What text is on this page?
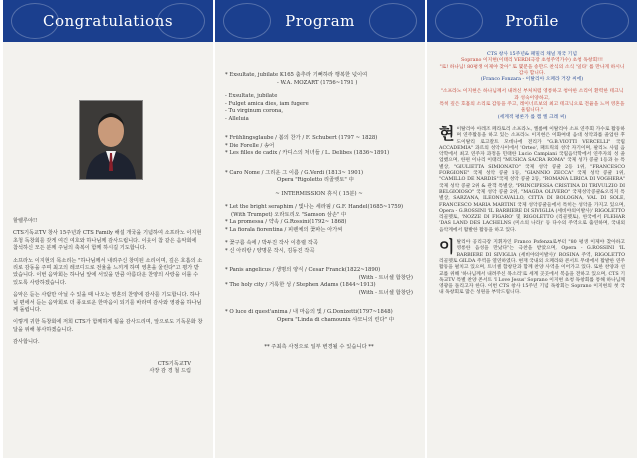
Congratulations

할렐루야!!

CTS기독교TV 창사 15주년과 CTS Family 해설 개국을 기념하여 소프라노 이지현 초청 독창회를 갖게 여긴 여호와 하나님께 감사드립니다. 이웃이 참 같은 음악회에 참석하신 모든 분께 주님의 축복이 함께 하시길 기도합니다.

소프라노 이지현의 목소리는 "하나님께서 내려주신 창미된 소리이며, 깊은 호흡의 소리로 감동을 주며 최고의 레코디드로 전율을 느끼게 하며 영혼을 울린다"고 평가 받았습니다. 이번 음악회는 하나님 앞에 서있을 만큼 아름다운 찬양의 사랑을 이룰 수 있도록 사랑하겠습니다.

음악은 듣는 사람만 아닐 수 있을 때 나오는 영혼의 찬양에 감사를 기도합니다. 하나님 편에서 듣는 음악회로 더 풍요로운 한마음이 되기를 바라며 감사와 영광을 하나님께 돌립니다.

이렇게 귀한 독창회에 저희 CTS가 함께하게 됨을 감사드리며, 앞으로도 기독문화 창달을 위해 봉사하겠습니다.

감사합니다.

CTS기독교TV
사장 감 경 철 드림
Program
* Exsultate, jubilate K165 춤추라 기뻐하라 행복한 넋이여
- W.A. MOZART (1756~1791 )
- Exsultate, jubilate
- Fulget amica dies, iam fugere
- Tu virginum corona,
- Alleluia
* Frühlingsglaube / 봄의 찬가 / F. Schubert (1797 ~ 1828)
* Die Forelle / 송어
* Les filles de cadix / 카디스의 처녀들 / L. Delibes (1836~1891)
* Caro Nome / 그리운 그 이름 / G.Verdi (1813~ 1901)
Opera "Rigoletto 리골렛토" 中
~ INTERMISSION 휴식 ( 15분) ~
* Let the bright seraphim / 빛나는 세라핌 / G.F. Handel(1685~1759)
(With Trumpet) 오라토리오 "Samson 삼손" 中
* La promessa / 약속 / G.Rossini(1792~ 1868)
* La fiorala fiorentina / 피렌체의 꽃파는 아가씨
* 꽃구름 속에 / 박두진 작사 이흥렬 작곡
* 신 아리랑 / 양명문 작시, 김동진 작곡
* Panis angelicus / 생명의 양식 / Cesar Franck(1822~1890)
(With - 트너셀 합창단)
* The holy city / 거룩한 성 / Stephen Adams (1844~1913)
(With - 트너셀 합창단)
* O luce di quest'anima / 내 마음의 빛 / G.Donizetti(1797~1848)
Opera "Linda di chamounix 샤모니의 린다" 中
** 주최측 사정으로 일부 변경될 수 있습니다 **
Profile
CTS 창사 15주년& 패밀리 채널 개국 기념
Soprano 이지현(이태리 VERDI극장 초청주역가수) 초청 독창회!!!
"로! 하나님! 80평생 이제야 찾아" 또 몇분을 송만드 찬식의 소식 '일타' 를 만나게 하시니 감사 합니다.
(Franco Fonzara - 이탈리아 오페라 거장 씨에)
"소프라노 이지현은 하나님께서 내려신 부처처럼 영롱하고 청아한 소리이 환력한 테크닉과 성숙이양하고,
특히 깊은 호흡의 소리로 감동을 주고, 레이너르보의 최고 테크닉으로 전율을 느껴 영혼을 울립니다."
(세계적 평론가 를 캠 엘 크레 씨)
현 이탈리아 아레조 페라토리 소프라노, 엘룸베 이탈리아 소프 연주회 가수로 활동하며 연주활동을 하고 있는 소프라노 이지현은 이화여대 음대 성악과를 졸업한 후 도이탈리 로고칼트 모데나에 전리가 "G.B.VIOTTI VERCELLI" 국립 ACCADEMIA" 과르의 성악사이에서 'Orteo', 패트릭의 성악 자기이며, 팔리노 사립 음악학에서 최고 연주자 과정을 민태한 Lucio Campiani 국립음악학에서 연주자의 성 졸업했으며, 한편 이나리 이태리 "MUSICA SACRA ROMA" 국제 성가 콩쿨 1등과 뉴 특별상, "GIULIETTA SIMIONATO" 국제 성악 콩쿨 2등 1위, "FRANCESCO FORGIONE" 국제 성악 콩쿨 1등, "GIANNIO ZECCA" 국제 성악 콩쿨 1위, "CAMILLO DE NARDIS"국제 성악 콩쿨 2등, "ROMANA LIRICA DI VOGHERA" 국제 성악 콩쿨 2위 & 관객 특별상, "PRINCIPESSA CRISTINA DI TRIVULZIO DI BELGIOIOSO" 국제 성악 콩쿨 2위, "MAGDA OLIVERO" 국제성악콩쿨&오리지 특별상, SARZANA, ILEONCAVALLO, CITTA DI BOLOGNA, VAL DI SOLE, FRANCESCO MARIA MARTINI 국제 성악콩쿨들에서 특히는 성악을 가지고 있으며, Opera - G.ROSSINI 'IL BARBIERE DI SIVIGLIA (세비야의이발사)' RIGOLETTO 리골렛토, 'NOZZE DI FIGARO' 및 RIGOLETTO (리골렛토), 한국에서 FLEHAR 'DAS LAND DES LACHELNS (미소의 나라)' 등 다수의 주역으로 출연하며, 국내외 음악계에서 활발한 활동을 하고 있다.
이 탈리아 공리극장 지휘자인 Franco Pofenza로부터 "80 평생 이제야 찾아하고 영롱한 음성을 만났다"는 극찬을 받았으며, Opera - G.ROSSINI 'IL BARBIERE DI SIVIGLIA (세비야의이발사)' ROSINA 주역, RIGOLETTO 리골렛토 GILDA 주역을 열연하였다. 현재 국내외 오페라와 콘서트 무대에서 활발한 연주활동을 펼치고 있으며, 트너셀 합창단과 함께 찬양 사역을 이어가고 있다. 또한 찬양과 선교를 위해 '하나님께서 내려주신 목소리'로 세계 곳곳에서 복음을 전하고 있으며, CTS 기독교TV 특별 찬양 콘서트 'I Love Jesus' Soprano 이지현 초청 독창회를 통해 하나님께 영광을 돌리고자 한다. 이번 CTS 창사 15주년 기념 독창회는 Soprano 이지현의 첫 국내 독창회로 많은 성원을 부탁드립니다.
